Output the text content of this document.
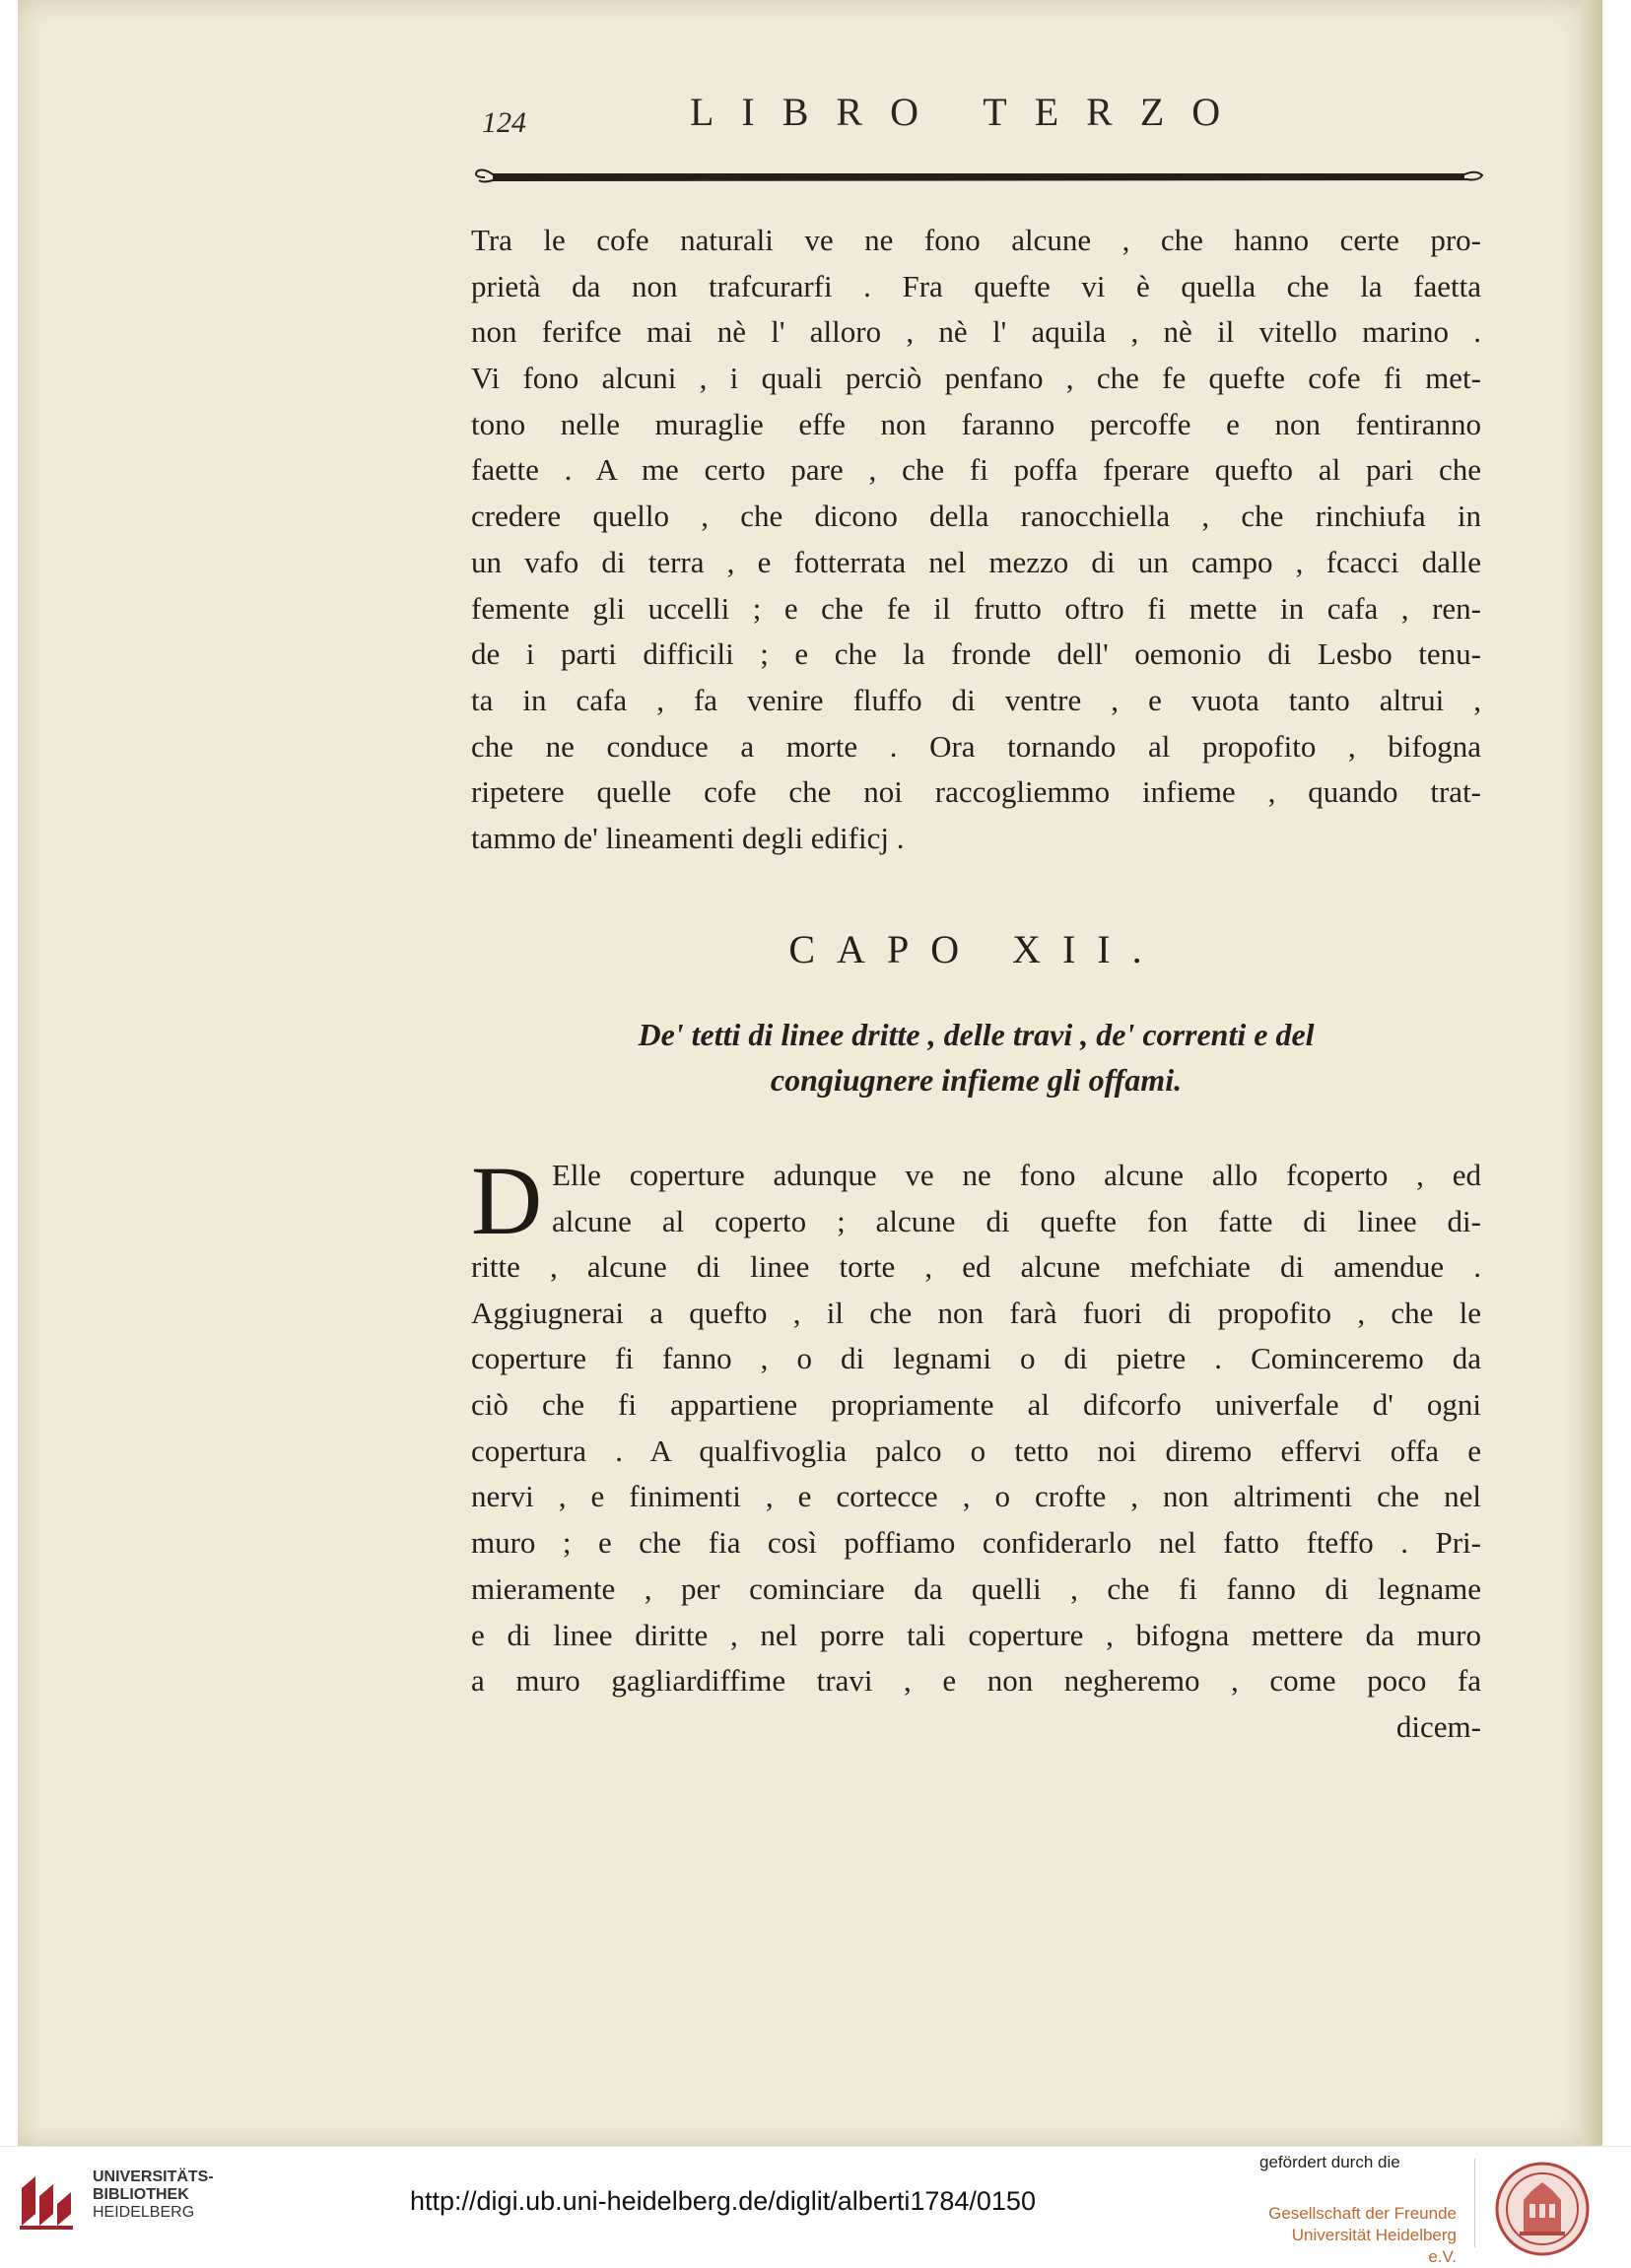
124	LIBRO TERZO
Tra le cofe naturali ve ne fono alcune , che hanno certe pro-
prietà da non trafcurarfi . Fra quefte vi è quella che la faetta
non ferifce mai nè l' alloro , nè l' aquila , nè il vitello marino .
Vi fono alcuni , i quali perciò penfano , che fe quefte cofe fi met-
tono nelle muraglie effe non faranno percoffe e non fentiranno
faette . A me certo pare , che fi poffa fperare quefto al pari che
credere quello , che dicono della ranocchiella , che rinchiufa in
un vafo di terra , e fotterrata nel mezzo di un campo , fcacci dalle
femente gli uccelli ; e che fe il frutto oftro fi mette in cafa , ren-
de i parti difficili ; e che la fronde dell' oemonio di Lesbo tenu-
ta in cafa , fa venire fluffo di ventre , e vuota tanto altrui ,
che ne conduce a morte . Ora tornando al propofito , bifogna
ripetere quelle cofe che noi raccogliemmo infieme , quando trat-
tammo de' lineamenti degli edificj .
CAPO XII.
De' tetti di linee dritte , delle travi , de' correnti e del
congiugnere infieme gli offami.
D Elle coperture adunque ve ne fono alcune allo fcoperto , ed
alcune al coperto ; alcune di quefte fon fatte di linee di-
ritte , alcune di linee torte , ed alcune mefchiate di amendue .
Aggiugnerai a quefto , il che non farà fuori di propofito , che le
coperture fi fanno , o di legnami o di pietre . Cominceremo da
ciò che fi appartiene propriamente al difcorfo univerfale d' ogni
copertura . A qualfivoglia palco o tetto noi diremo effervi offa e
nervi , e finimenti , e cortecce , o crofte , non altrimenti che nel
muro ; e che fia così poffiamo confiderarlo nel fatto fteffo . Pri-
mieramente , per cominciare da quelli , che fi fanno di legname
e di linee diritte , nel porre tali coperture , bifogna mettere da muro
a muro gagliardiffime travi , e non negheremo , come poco fa
dicem-
UNIVERSITÄTS-
BIBLIOTHEK
HEIDELBERG	http://digi.ub.uni-heidelberg.de/diglit/alberti1784/0150
gefördert durch die
Gesellschaft der Freunde
Universität Heidelberg e.V.
